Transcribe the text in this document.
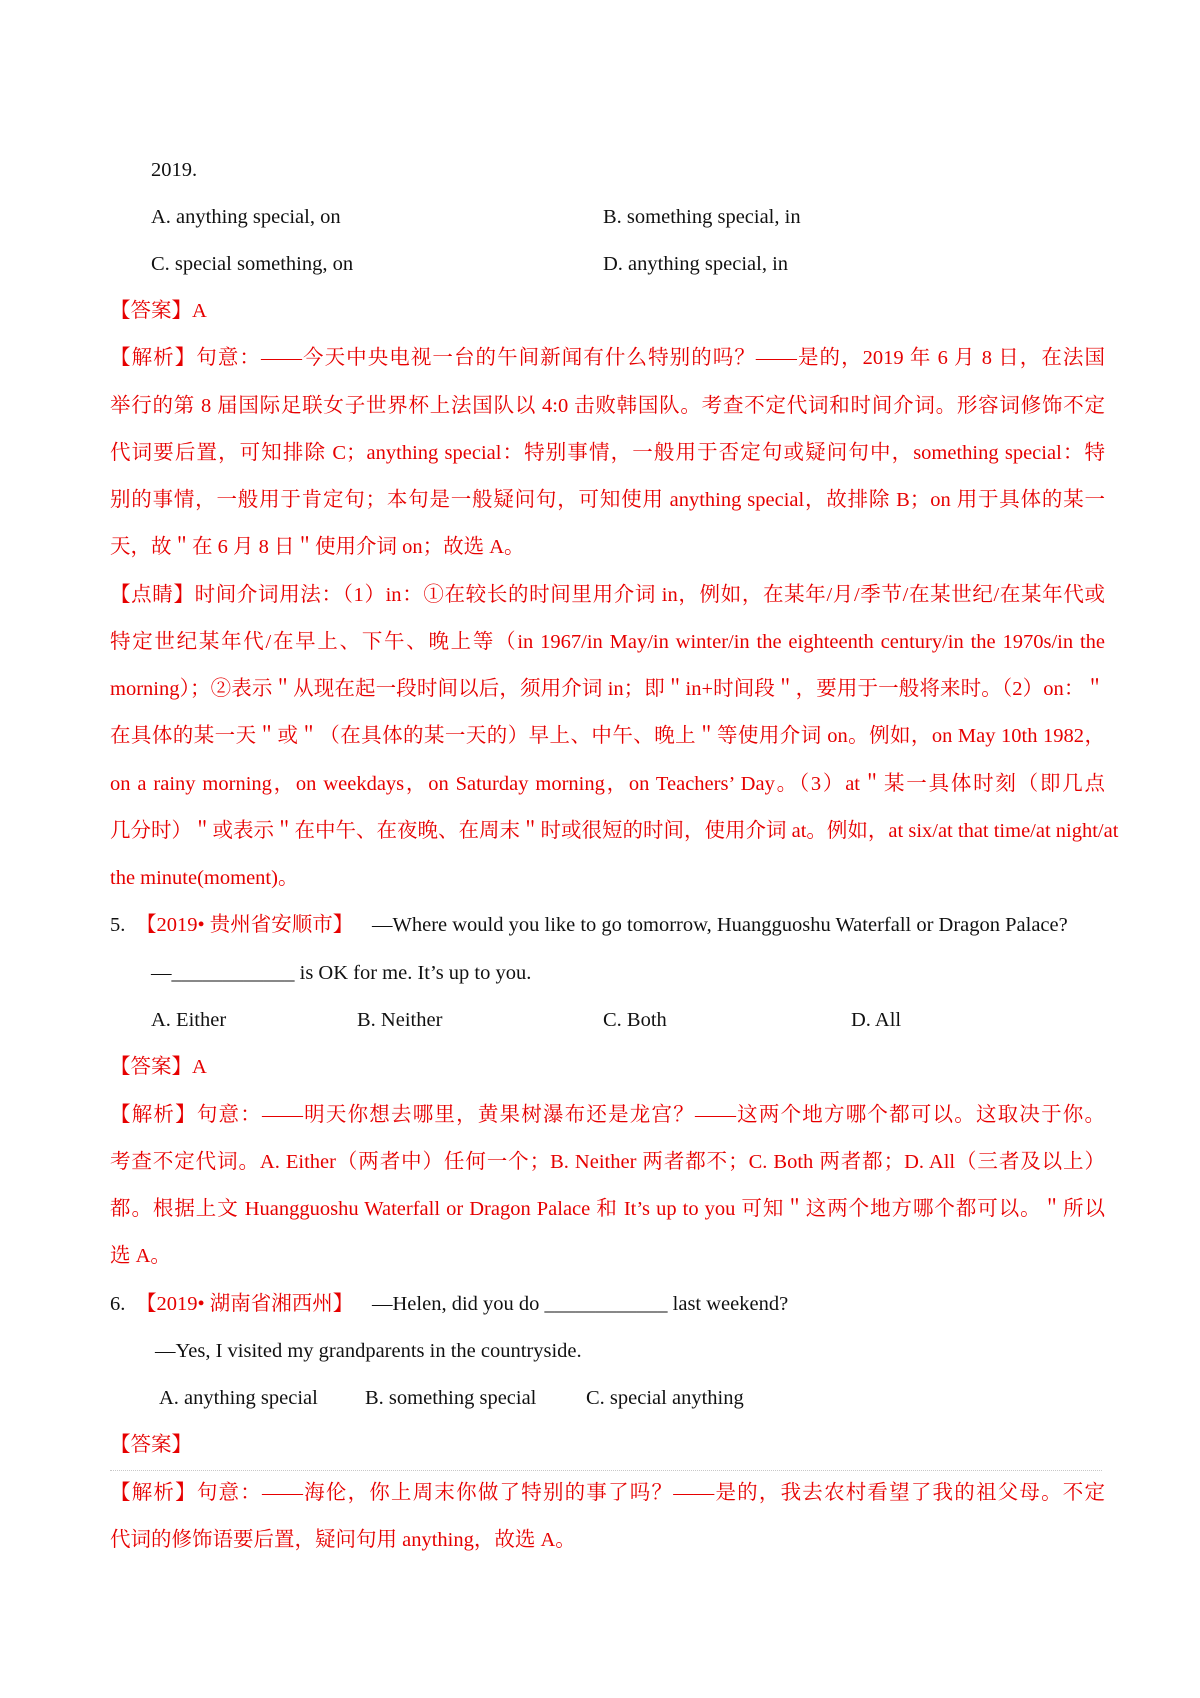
2019.
A. anything special, on	B. something special, in
C. special something, on	D. anything special, in
【答案】A
【解析】句意：——今天中央电视一台的午间新闻有什么特别的吗？——是的，2019 年 6 月 8 日，在法国
举行的第 8 届国际足联女子世界杯上法国队以 4:0 击败韩国队。考查不定代词和时间介词。形容词修饰不定
代词要后置，可知排除 C；anything special：特别事情，一般用于否定句或疑问句中，something special：特
别的事情，一般用于肯定句；本句是一般疑问句，可知使用 anything special，故排除 B；on 用于具体的某一
天，故＂在 6 月 8 日＂使用介词 on；故选 A。
【点睛】时间介词用法：（1）in：①在较长的时间里用介词 in，例如，在某年/月/季节/在某世纪/在某年代或
特定世纪某年代/在早上、下午、晚上等（in 1967/in May/in winter/in the eighteenth century/in the 1970s/in the
morning）；②表示＂从现在起一段时间以后，须用介词 in；即＂in+时间段＂，要用于一般将来时。（2）on：＂
在具体的某一天＂或＂（在具体的某一天的）早上、中午、晚上＂等使用介词 on。例如，on May 10th 1982，
on a rainy morning，on weekdays，on Saturday morning，on Teachers’ Day。（3）at＂某一具体时刻（即几点
几分时）＂或表示＂在中午、在夜晚、在周末＂时或很短的时间，使用介词 at。例如，at six/at that time/at night/at
the minute(moment)。
5. 【2019• 贵州省安顺市】 —Where would you like to go tomorrow, Huangguoshu Waterfall or Dragon Palace?
—____________ is OK for me. It’s up to you.
A. Either	B. Neither	C. Both	D. All
【答案】A
【解析】句意：——明天你想去哪里，黄果树瀑布还是龙宫？——这两个地方哪个都可以。这取决于你。
考查不定代词。A. Either（两者中）任何一个；B. Neither 两者都不；C. Both 两者都；D. All（三者及以上）
都。根据上文 Huangguoshu Waterfall or Dragon Palace 和 It’s up to you 可知＂这两个地方哪个都可以。＂所以
选 A。
6. 【2019• 湖南省湘西州】 —Helen, did you do ____________ last weekend?
—Yes, I visited my grandparents in the countryside.
A. anything special B. something special C. special anything
【答案】
【解析】句意：——海伦，你上周末你做了特别的事了吗？——是的，我去农村看望了我的祖父母。不定
代词的修饰语要后置，疑问句用 anything，故选 A。
